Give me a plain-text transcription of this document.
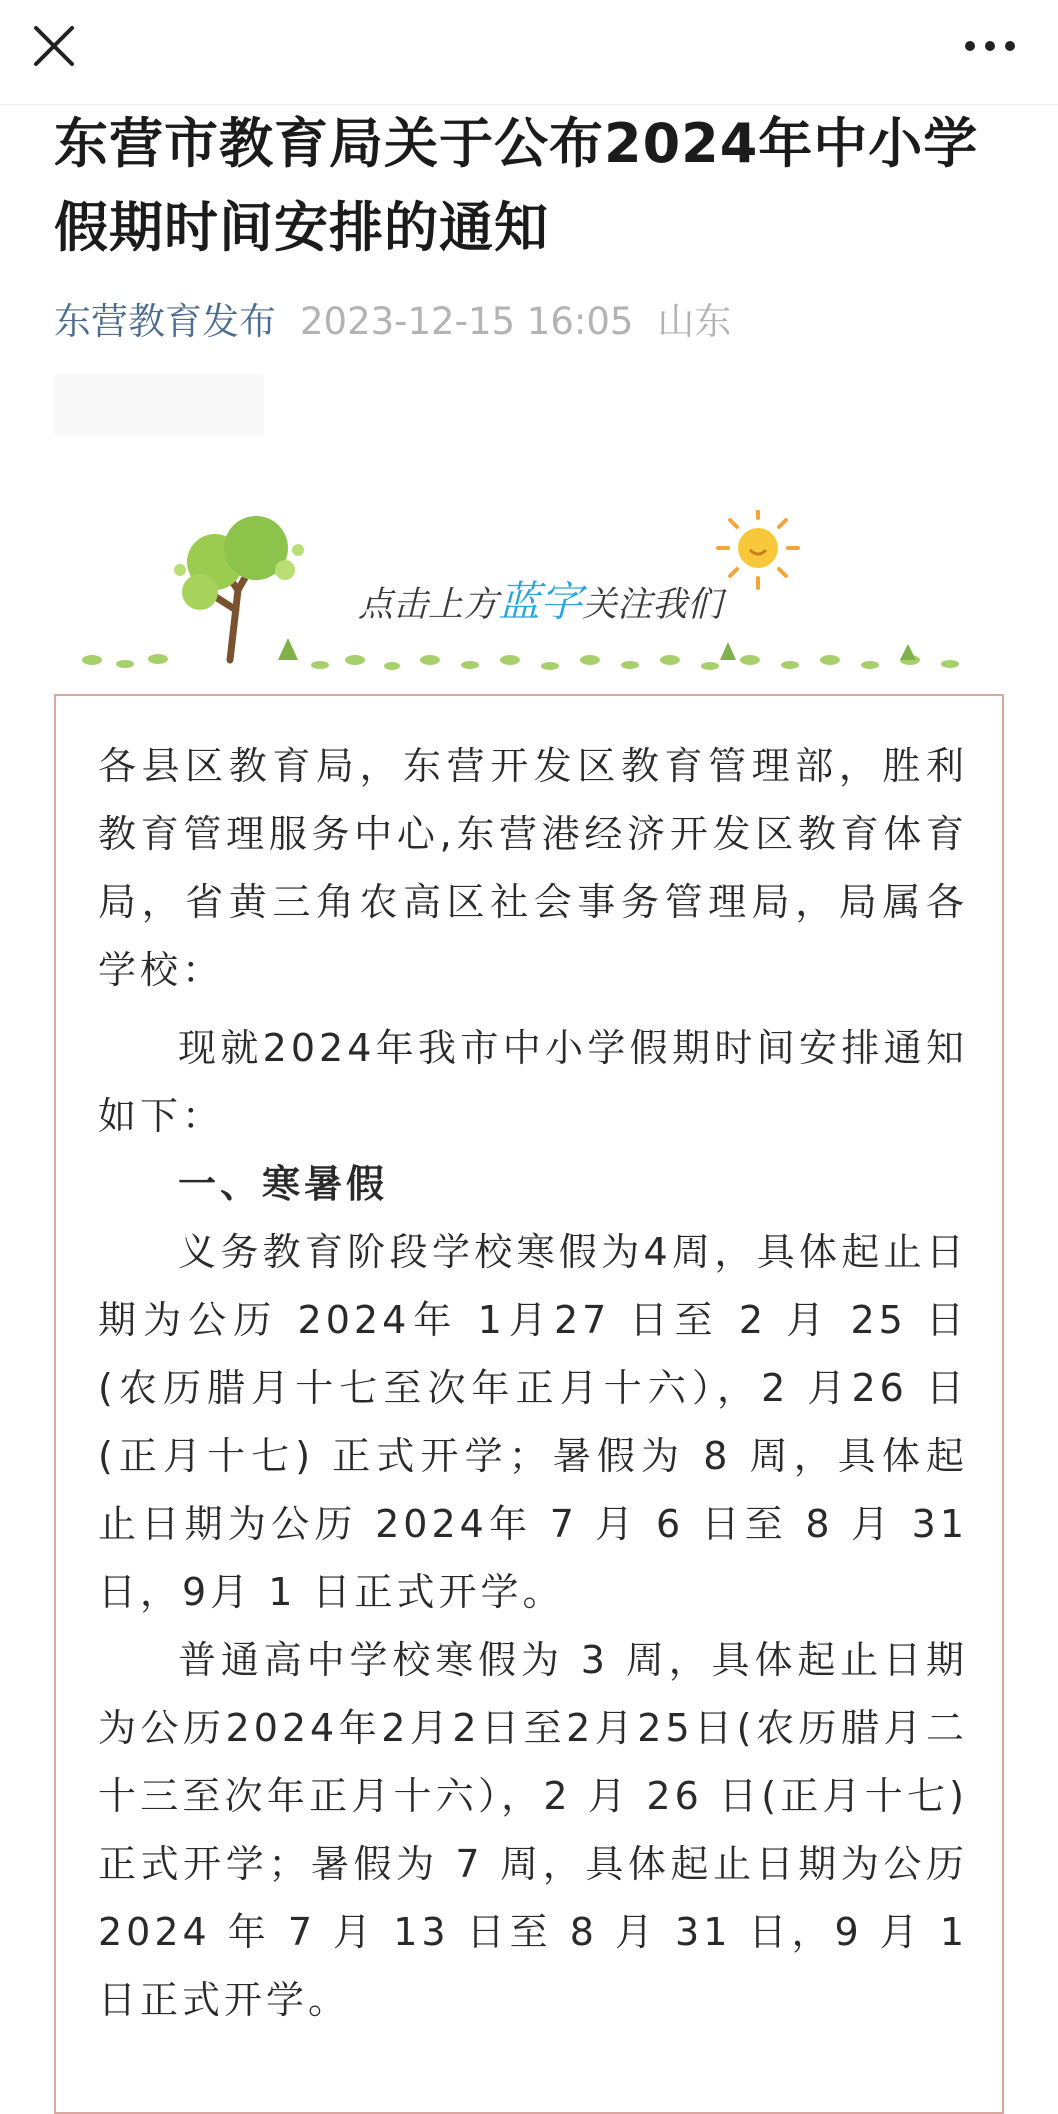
东营市教育局关于公布2024年中小学假期时间安排的通知
东营教育发布 2023-12-15 16:05 山东
点击上方蓝字关注我们

各县区教育局，东营开发区教育管理部，胜利教育管理服务中心,东营港经济开发区教育体育局，省黄三角农高区社会事务管理局，局属各学校：

现就2024年我市中小学假期时间安排通知如下：

一、寒暑假

义务教育阶段学校寒假为4周，具体起止日期为公历 2024年 1月27 日至 2 月 25 日(农历腊月十七至次年正月十六），2 月26 日(正月十七) 正式开学；暑假为 8 周，具体起止日期为公历 2024年 7 月 6 日至 8 月 31 日，9月 1 日正式开学。

普通高中学校寒假为 3 周，具体起止日期为公历2024年2月2日至2月25日(农历腊月二十三至次年正月十六），2 月 26 日(正月十七) 正式开学；暑假为 7 周，具体起止日期为公历 2024 年 7 月 13 日至 8 月 31 日，9 月 1 日正式开学。
